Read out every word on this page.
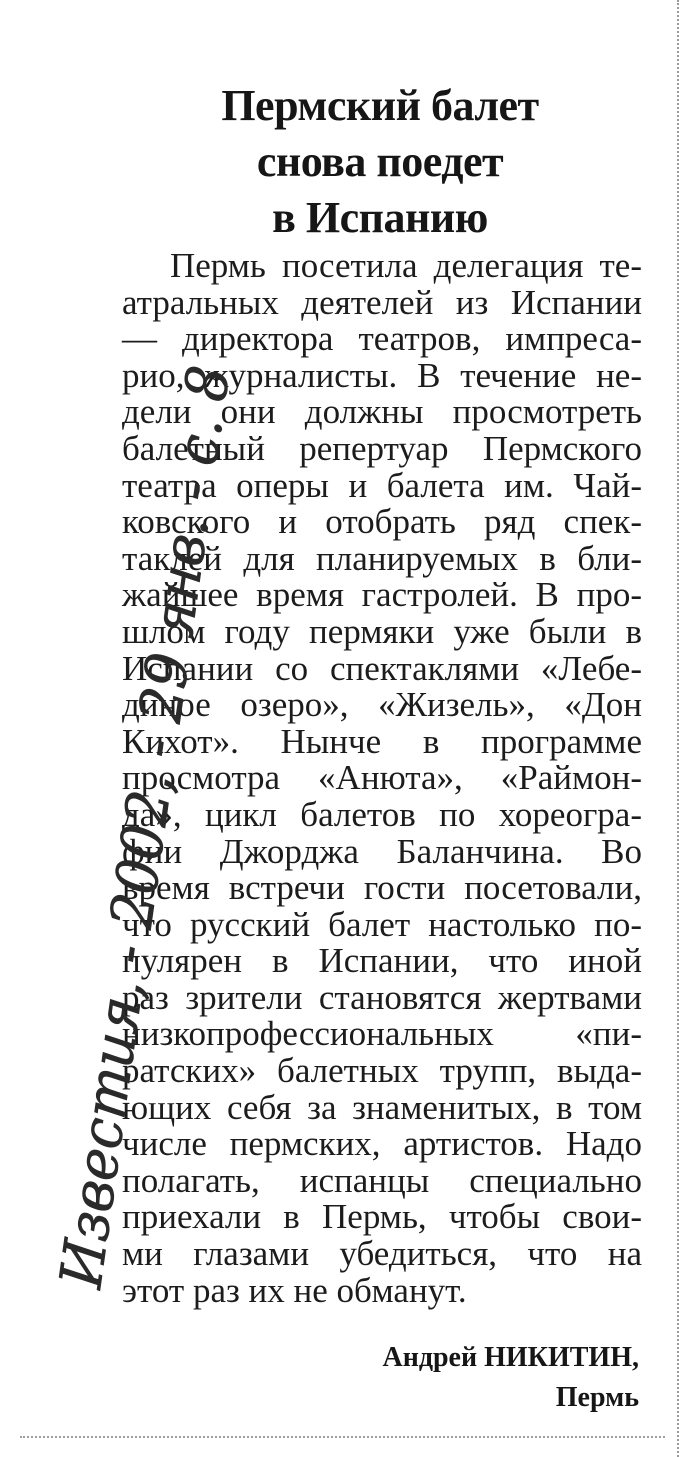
Пермский балет
снова поедет
в Испанию
Пермь посетила делегация те-
атральных деятелей из Испании
— директора театров, импреса-
рио, журналисты. В течение не-
дели они должны просмотреть
балетный репертуар Пермского
театра оперы и балета им. Чай-
ковского и отобрать ряд спек-
таклей для планируемых в бли-
жайшее время гастролей. В про-
шлом году пермяки уже были в
Испании со спектаклями «Лебе-
диное озеро», «Жизель», «Дон
Кихот». Нынче в программе
просмотра «Анюта», «Раймон-
да», цикл балетов по хореогра-
фии Джорджа Баланчина. Во
время встречи гости посетовали,
что русский балет настолько по-
пулярен в Испании, что иной
раз зрители становятся жертвами
низкопрофессиональных «пи-
ратских» балетных трупп, выда-
ющих себя за знаменитых, в том
числе пермских, артистов. Надо
полагать, испанцы специально
приехали в Пермь, чтобы свои-
ми глазами убедиться, что на
этот раз их не обманут.
Андрей НИКИТИН,
Пермь
Известия, - 2002, - 29 янв. - с. 8
